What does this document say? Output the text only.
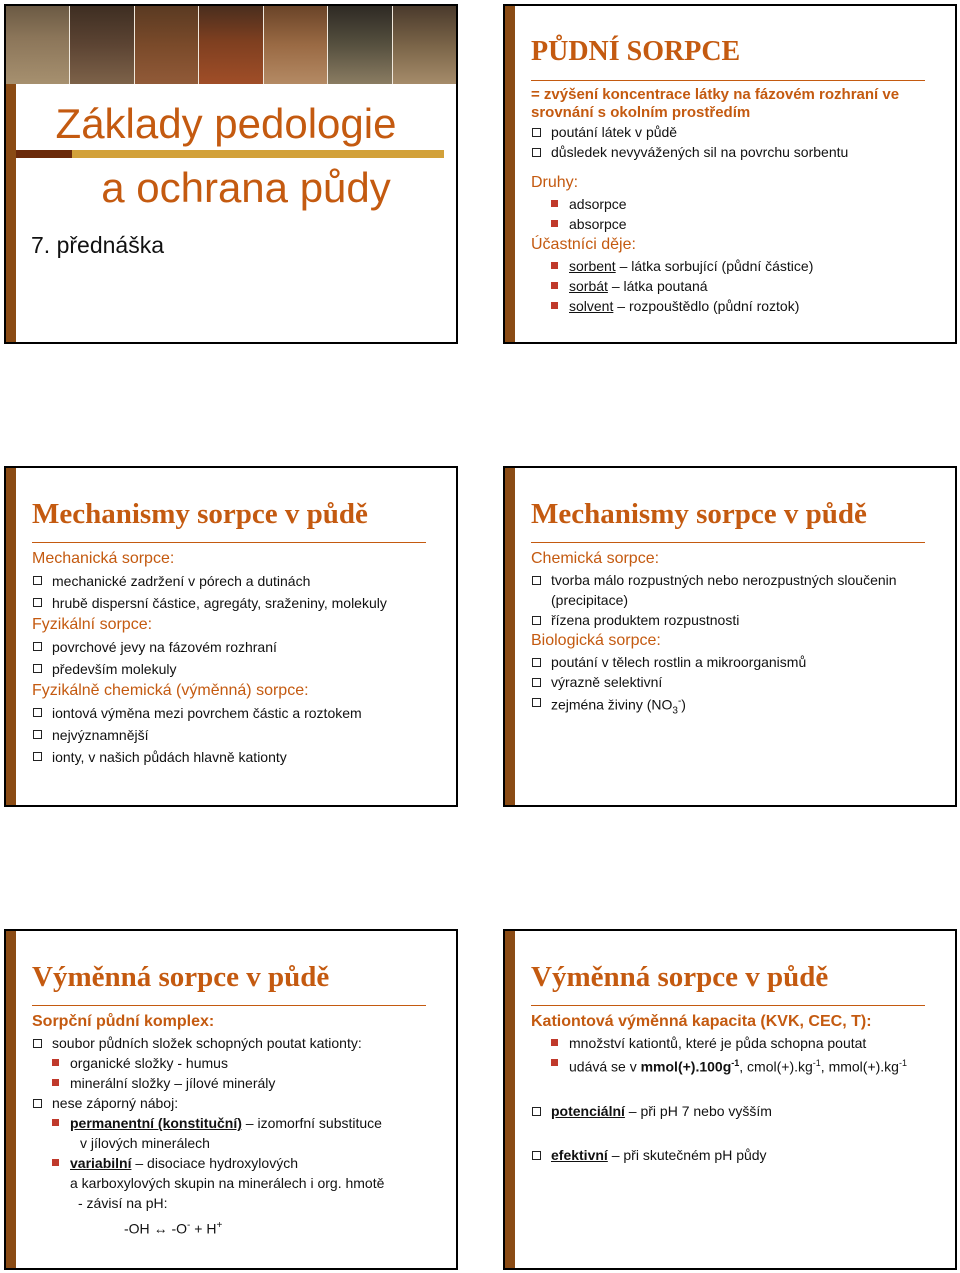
Základy pedologie
a ochrana půdy
7. přednáška
PŮDNÍ SORPCE
= zvýšení koncentrace látky na fázovém rozhraní ve srovnání s okolním prostředím
poutání látek v půdě
důsledek nevyvážených sil na povrchu sorbentu
Druhy:
adsorpce
absorpce
Účastníci děje:
sorbent – látka sorbující (půdní částice)
sorbát – látka poutaná
solvent – rozpouštědlo (půdní roztok)
Mechanismy sorpce v půdě
Mechanická sorpce:
mechanické zadržení v pórech a dutinách
hrubě dispersní částice, agregáty, sraženiny, molekuly
Fyzikální sorpce:
povrchové jevy na fázovém rozhraní
především molekuly
Fyzikálně chemická (výměnná) sorpce:
iontová výměna mezi povrchem částic a roztokem
nejvýznamnější
ionty, v našich půdách hlavně kationty
Mechanismy sorpce v půdě
Chemická sorpce:
tvorba málo rozpustných nebo nerozpustných sloučenin (precipitace)
řízena produktem rozpustnosti
Biologická sorpce:
poutání v tělech rostlin a mikroorganismů
výrazně selektivní
zejména živiny $(NO_3^-)$
Výměnná sorpce v půdě
Sorpční půdní komplex:
soubor půdních složek schopných poutat kationty:
organické složky - humus
minerální složky – jílové minerály
nese záporný náboj:
permanentní (konstituční) – izomorfní substituce
v jílových minerálech
variabilní – disociace hydroxylových
a karboxylových skupin na minerálech i org. hmotě
- závisí na pH:
-OH ↔ -O- + H+
Výměnná sorpce v půdě
Kationtová výměnná kapacita (KVK, CEC, T):
množství kationtů, které je půda schopna poutat
udává se v $mmol(+).100g^{-1}$, $cmol(+).kg^{-1}$, $mmol(+).kg^{-1}$
potenciální – při pH 7 nebo vyšším
efektivní – při skutečném pH půdy
